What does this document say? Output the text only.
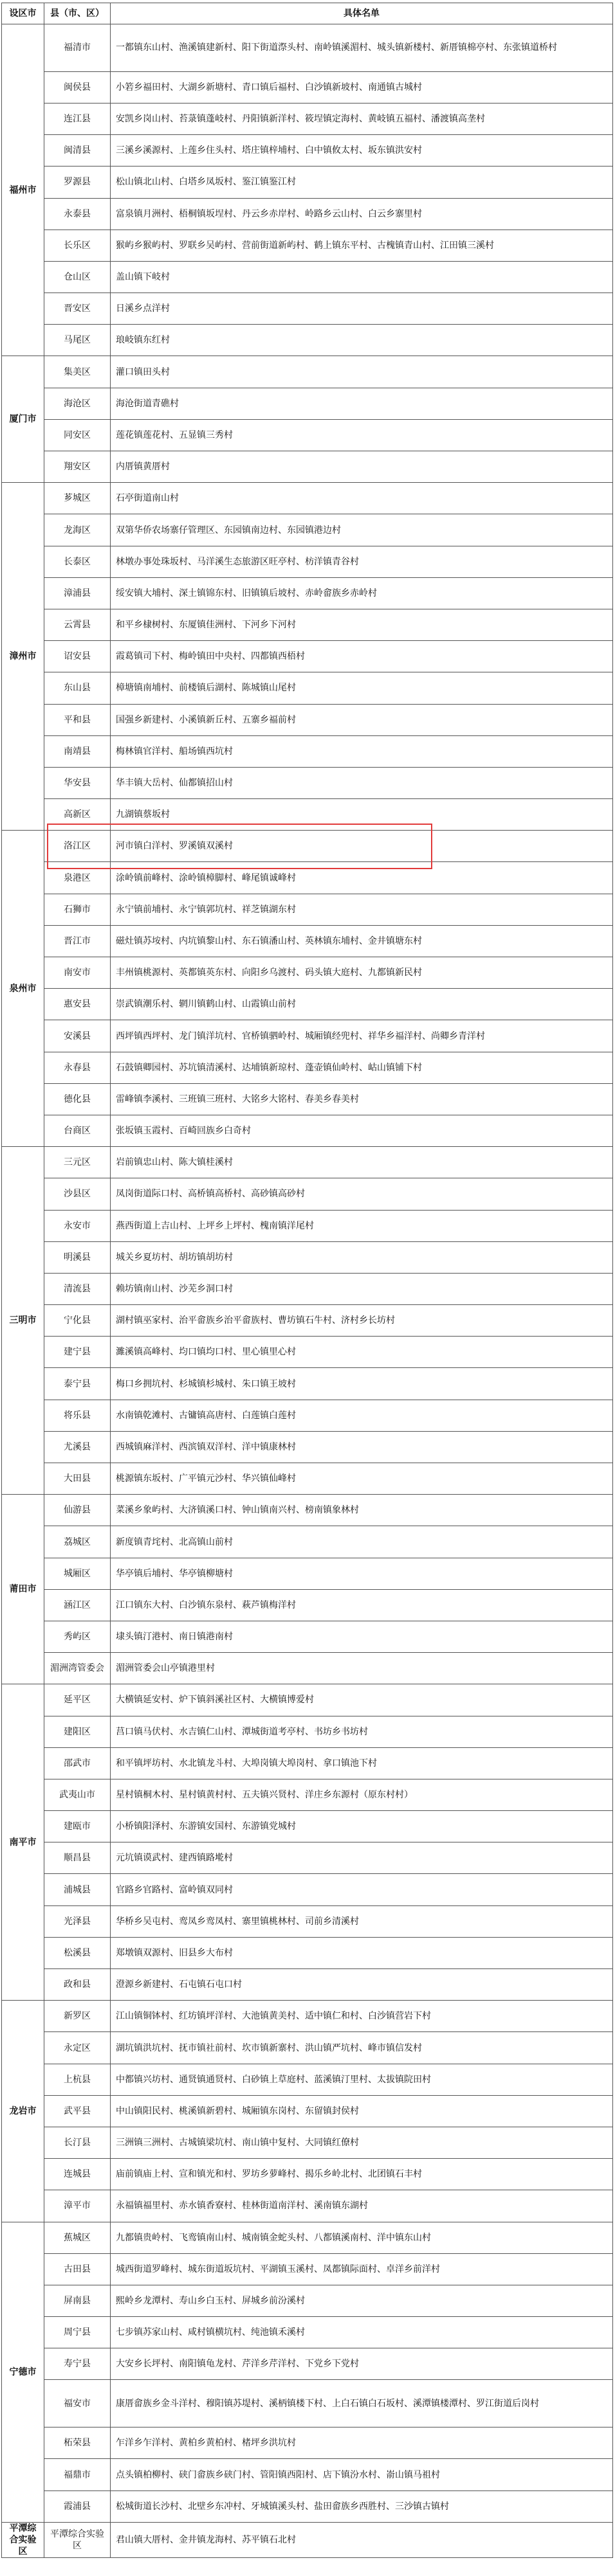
设区市	县（市、区）	具体名单
福州市	福清市	一都镇东山村、渔溪镇建新村、阳下街道漈头村、南岭镇溪湄村、城头镇新楼村、新厝镇棉亭村、东张镇道桥村
	闽侯县	小箬乡福田村、大湖乡新塘村、青口镇后福村、白沙镇新坡村、南通镇古城村
	连江县	安凯乡岗山村、苔菉镇蓬岐村、丹阳镇新洋村、筱埕镇定海村、黄岐镇五福村、潘渡镇高垄村
	闽清县	三溪乡溪源村、上莲乡住头村、塔庄镇梓埔村、白中镇攸太村、坂东镇洪安村
	罗源县	松山镇北山村、白塔乡凤坂村、鉴江镇鉴江村
	永泰县	富泉镇月洲村、梧桐镇坂埕村、丹云乡赤岸村、岭路乡云山村、白云乡寨里村
	长乐区	猴屿乡猴屿村、罗联乡吴屿村、营前街道新屿村、鹤上镇东平村、古槐镇青山村、江田镇三溪村
	仓山区	盖山镇下岐村
	晋安区	日溪乡点洋村
	马尾区	琅岐镇东红村
厦门市	集美区	灌口镇田头村
	海沧区	海沧街道青礁村
	同安区	莲花镇莲花村、五显镇三秀村
	翔安区	内厝镇黄厝村
漳州市	芗城区	石亭街道南山村
	龙海区	双第华侨农场寨仔管理区、东园镇南边村、东园镇港边村
	长泰区	林墩办事处珠坂村、马洋溪生态旅游区旺亭村、枋洋镇青谷村
	漳浦县	绥安镇大埔村、深土镇锦东村、旧镇镇后坡村、赤岭畲族乡赤岭村
	云霄县	和平乡棣树村、东厦镇佳洲村、下河乡下河村
	诏安县	霞葛镇司下村、梅岭镇田中央村、四都镇西梧村
	东山县	樟塘镇南埔村、前楼镇后湖村、陈城镇山尾村
	平和县	国强乡新建村、小溪镇新丘村、五寨乡福前村
	南靖县	梅林镇官洋村、船场镇西坑村
	华安县	华丰镇大岳村、仙都镇招山村
	高新区	九湖镇蔡坂村
泉州市	洛江区	河市镇白洋村、罗溪镇双溪村
	泉港区	涂岭镇前峰村、涂岭镇樟脚村、峰尾镇诚峰村
	石狮市	永宁镇前埔村、永宁镇郭坑村、祥芝镇湖东村
	晋江市	磁灶镇苏垵村、内坑镇黎山村、东石镇潘山村、英林镇东埔村、金井镇塘东村
	南安市	丰州镇桃源村、英都镇英东村、向阳乡乌渡村、码头镇大庭村、九都镇新民村
	惠安县	崇武镇潮乐村、辋川镇鹤山村、山霞镇山前村
	安溪县	西坪镇西坪村、龙门镇洋坑村、官桥镇驷岭村、城厢镇经兜村、祥华乡福洋村、尚卿乡青洋村
	永春县	石鼓镇卿园村、苏坑镇清溪村、达埔镇新琼村、蓬壶镇仙岭村、岵山镇铺下村
	德化县	雷峰镇李溪村、三班镇三班村、大铭乡大铭村、春美乡春美村
	台商区	张坂镇玉霞村、百崎回族乡白奇村
三明市	三元区	岩前镇忠山村、陈大镇桂溪村
	沙县区	凤岗街道际口村、高桥镇高桥村、高砂镇高砂村
	永安市	燕西街道上吉山村、上坪乡上坪村、槐南镇洋尾村
	明溪县	城关乡夏坊村、胡坊镇胡坊村
	清流县	赖坊镇南山村、沙芜乡洞口村
	宁化县	湖村镇巫家村、治平畲族乡治平畲族村、曹坊镇石牛村、济村乡长坊村
	建宁县	濉溪镇高峰村、均口镇均口村、里心镇里心村
	泰宁县	梅口乡拥坑村、杉城镇杉城村、朱口镇王坡村
	将乐县	水南镇乾滩村、古镛镇高唐村、白莲镇白莲村
	尤溪县	西城镇麻洋村、西滨镇双洋村、洋中镇康林村
	大田县	桃源镇东坂村、广平镇元沙村、华兴镇仙峰村
莆田市	仙游县	菜溪乡象屿村、大济镇溪口村、钟山镇南兴村、榜南镇象林村
	荔城区	新度镇青垞村、北高镇山前村
	城厢区	华亭镇后埔村、华亭镇柳塘村
	涵江区	江口镇东大村、白沙镇东泉村、萩芦镇梅洋村
	秀屿区	埭头镇汀港村、南日镇港南村
	湄洲湾管委会	湄洲管委会山亭镇港里村
南平市	延平区	大横镇延安村、炉下镇斜溪社区村、大横镇博爱村
	建阳区	莒口镇马伏村、水吉镇仁山村、潭城街道考亭村、书坊乡书坊村
	邵武市	和平镇坪坊村、水北镇龙斗村、大埠岗镇大埠岗村、拿口镇池下村
	武夷山市	星村镇桐木村、星村镇黄村村、五夫镇兴贤村、洋庄乡东源村（原东村村）
	建瓯市	小桥镇阳泽村、东游镇安国村、东游镇党城村
	顺昌县	元坑镇谟武村、建西镇路墘村
	浦城县	官路乡官路村、富岭镇双同村
	光泽县	华桥乡吴屯村、鸾凤乡鸾凤村、寨里镇桃林村、司前乡清溪村
	松溪县	郑墩镇双源村、旧县乡大布村
	政和县	澄源乡新建村、石屯镇石屯口村
龙岩市	新罗区	江山镇铜钵村、红坊镇坪洋村、大池镇黄美村、适中镇仁和村、白沙镇营岩下村
	永定区	湖坑镇洪坑村、抚市镇社前村、坎市镇新寨村、洪山镇严坑村、峰市镇信发村
	上杭县	中都镇兴坊村、通贤镇通贤村、白砂镇上草庭村、蓝溪镇汀里村、太拔镇院田村
	武平县	中山镇阳民村、桃溪镇新碧村、城厢镇东岗村、东留镇封侯村
	长汀县	三洲镇三洲村、古城镇梁坑村、南山镇中复村、大同镇红僚村
	连城县	庙前镇庙上村、宣和镇光和村、罗坊乡萝峰村、揭乐乡岭北村、北团镇石丰村
	漳平市	永福镇福里村、赤水镇香寮村、桂林街道南洋村、溪南镇东湖村
宁德市	蕉城区	九都镇贵岭村、飞鸾镇南山村、城南镇金蛇头村、八都镇溪南村、洋中镇东山村
	古田县	城西街道罗峰村、城东街道坂坑村、平湖镇玉溪村、凤都镇际面村、卓洋乡前洋村
	屏南县	熙岭乡龙潭村、寿山乡白玉村、屏城乡前汾溪村
	周宁县	七步镇苏家山村、咸村镇横坑村、纯池镇禾溪村
	寿宁县	大安乡长坪村、南阳镇龟龙村、芹洋乡芹洋村、下党乡下党村
	福安市	康厝畲族乡金斗洋村、穆阳镇苏堤村、溪柄镇楼下村、上白石镇白石坂村、溪潭镇楼潭村、罗江街道后岗村
	柘荣县	乍洋乡乍洋村、黄柏乡黄柏村、楮坪乡洪坑村
	福鼎市	点头镇柏柳村、硖门畲族乡硖门村、管阳镇西阳村、店下镇汾水村、嵛山镇马祖村
	霞浦县	松城街道长沙村、北壁乡东冲村、牙城镇溪头村、盐田畲族乡西胜村、三沙镇古镇村
平潭综合实验区	平潭综合实验区	君山镇大厝村、金井镇龙海村、苏平镇石北村
